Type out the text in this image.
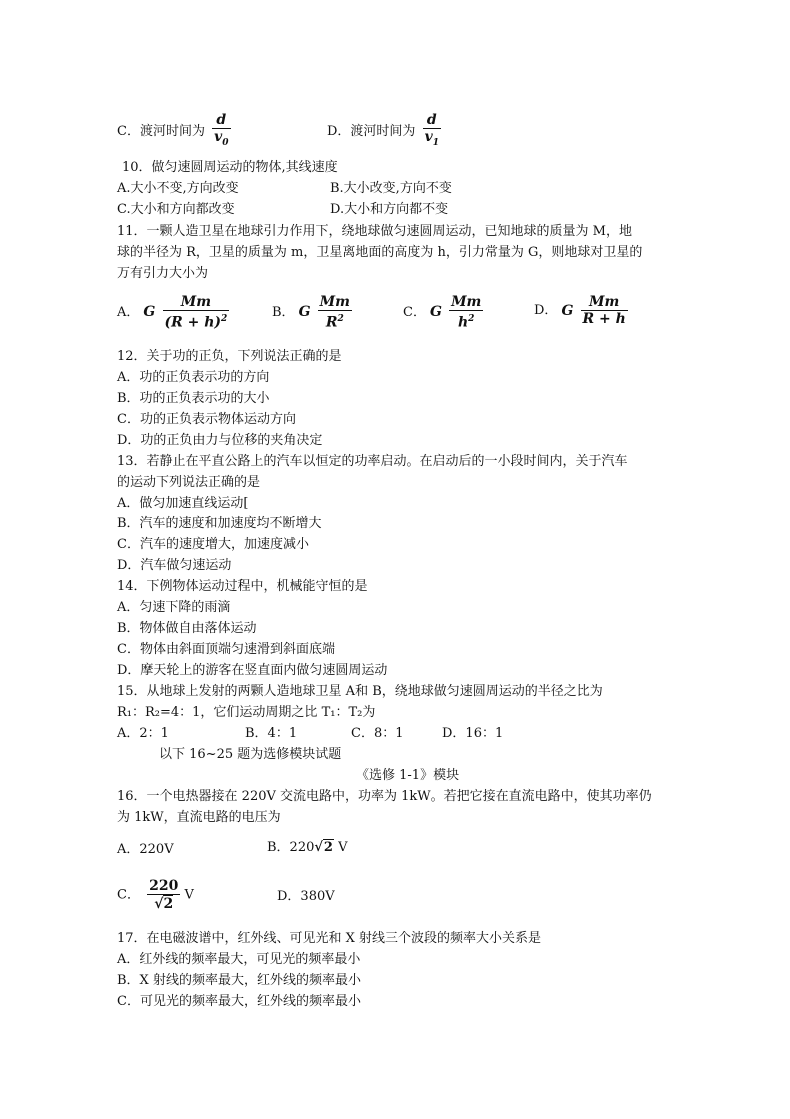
C．渡河时间为 $\frac{d}{v_0}$	D．渡河时间为 $\frac{d}{v_1}$
10．做匀速圆周运动的物体,其线速度
A.大小不变,方向改变	B.大小改变,方向不变
C.大小和方向都改变	D.大小和方向都不变
11．一颗人造卫星在地球引力作用下，绕地球做匀速圆周运动，已知地球的质量为 M，地
球的半径为 R，卫星的质量为 m，卫星离地面的高度为 h，引力常量为 G，则地球对卫星的
万有引力大小为
A． G $\frac{Mm}{(R + h)^2}$	B． G $\frac{Mm}{R^2}$	C． G $\frac{Mm}{h^2}$	D． G $\frac{Mm}{R + h}$
12．关于功的正负，下列说法正确的是
A．功的正负表示功的方向
B．功的正负表示功的大小
C．功的正负表示物体运动方向
D．功的正负由力与位移的夹角决定
13．若静止在平直公路上的汽车以恒定的功率启动。在启动后的一小段时间内，关于汽车
的运动下列说法正确的是
A．做匀加速直线运动[
B．汽车的速度和加速度均不断增大
C．汽车的速度增大，加速度减小
D．汽车做匀速运动
14．下例物体运动过程中，机械能守恒的是
A．匀速下降的雨滴
B．物体做自由落体运动
C．物体由斜面顶端匀速滑到斜面底端
D．摩天轮上的游客在竖直面内做匀速圆周运动
15．从地球上发射的两颗人造地球卫星 A和 B，绕地球做匀速圆周运动的半径之比为
R₁：R₂=4：1，它们运动周期之比 T₁：T₂为
A．2：1	B．4：1	C．8：1	D．16：1
以下 16~25 题为选修模块试题
《选修 1-1》模块
16．一个电热器接在 220V 交流电路中，功率为 1kW。若把它接在直流电路中，使其功率仍
为 1kW，直流电路的电压为
A．220V	B．220√2 V
C． $\frac{220}{√2}$ V	D．380V
17．在电磁波谱中，红外线、可见光和 X 射线三个波段的频率大小关系是
A．红外线的频率最大，可见光的频率最小
B．X 射线的频率最大，红外线的频率最小
C．可见光的频率最大，红外线的频率最小
